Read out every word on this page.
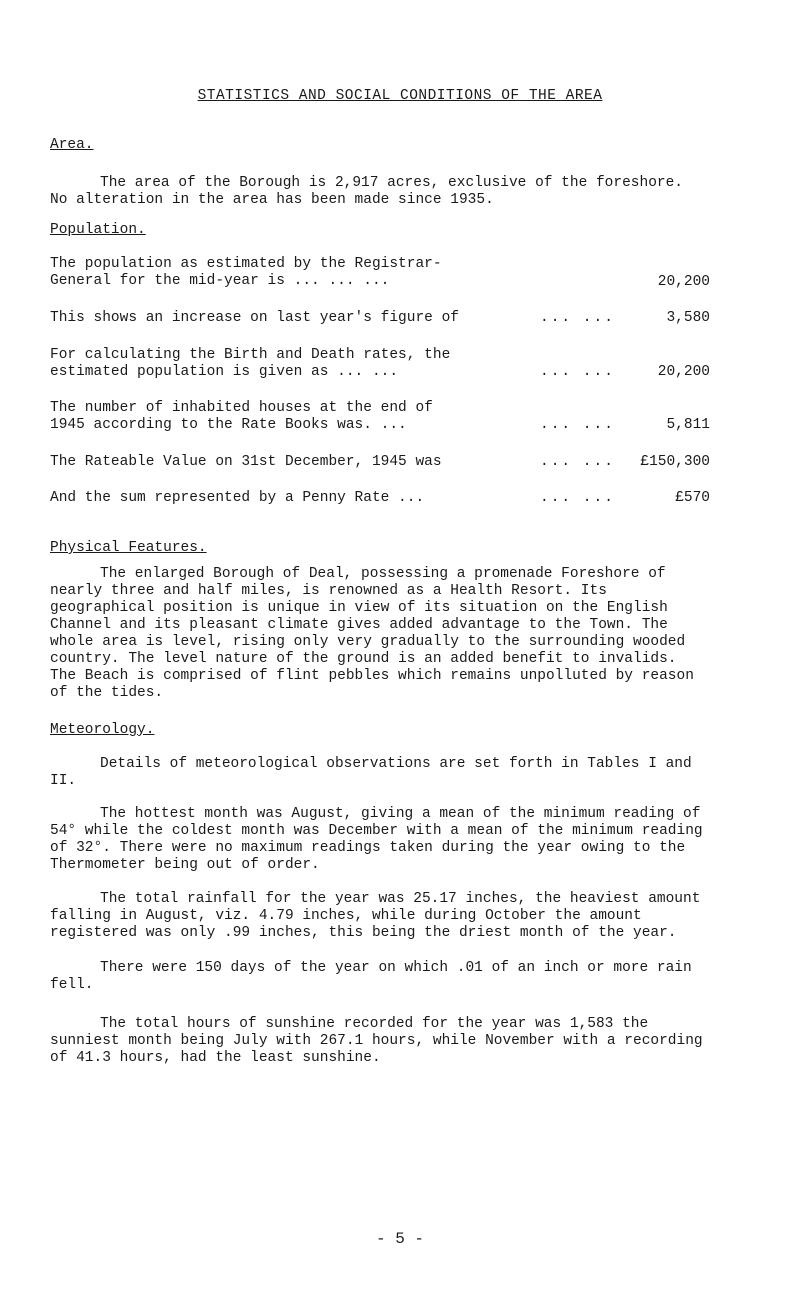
STATISTICS AND SOCIAL CONDITIONS OF THE AREA
Area.
The area of the Borough is 2,917 acres, exclusive of the foreshore.
No alteration in the area has been made since 1935.
Population.
The population as estimated by the Registrar-
General for the mid-year is ... ... ...	20,200
This shows an increase on last year's figure of	... ...	3,580
For calculating the Birth and Death rates, the
estimated population is given as ... ...	... ...	20,200
The number of inhabited houses at the end of
1945 according to the Rate Books was. ...	... ...	5,811
The Rateable Value on 31st December, 1945 was	... ... £150,300
And the sum represented by a Penny Rate ...	... ...	£570
Physical Features.
The enlarged Borough of Deal, possessing a promenade Foreshore of
nearly three and half miles, is renowned as a Health Resort. Its
geographical position is unique in view of its situation on the English
Channel and its pleasant climate gives added advantage to the Town. The
whole area is level, rising only very gradually to the surrounding wooded
country. The level nature of the ground is an added benefit to invalids.
The Beach is comprised of flint pebbles which remains unpolluted by reason
of the tides.
Meteorology.
Details of meteorological observations are set forth in Tables I and
II.
The hottest month was August, giving a mean of the minimum reading of
54° while the coldest month was December with a mean of the minimum reading
of 32°. There were no maximum readings taken during the year owing to the
Thermometer being out of order.
The total rainfall for the year was 25.17 inches, the heaviest amount
falling in August, viz. 4.79 inches, while during October the amount
registered was only .99 inches, this being the driest month of the year.
There were 150 days of the year on which .01 of an inch or more rain
fell.
The total hours of sunshine recorded for the year was 1,583 the
sunniest month being July with 267.1 hours, while November with a recording
of 41.3 hours, had the least sunshine.
- 5 -
